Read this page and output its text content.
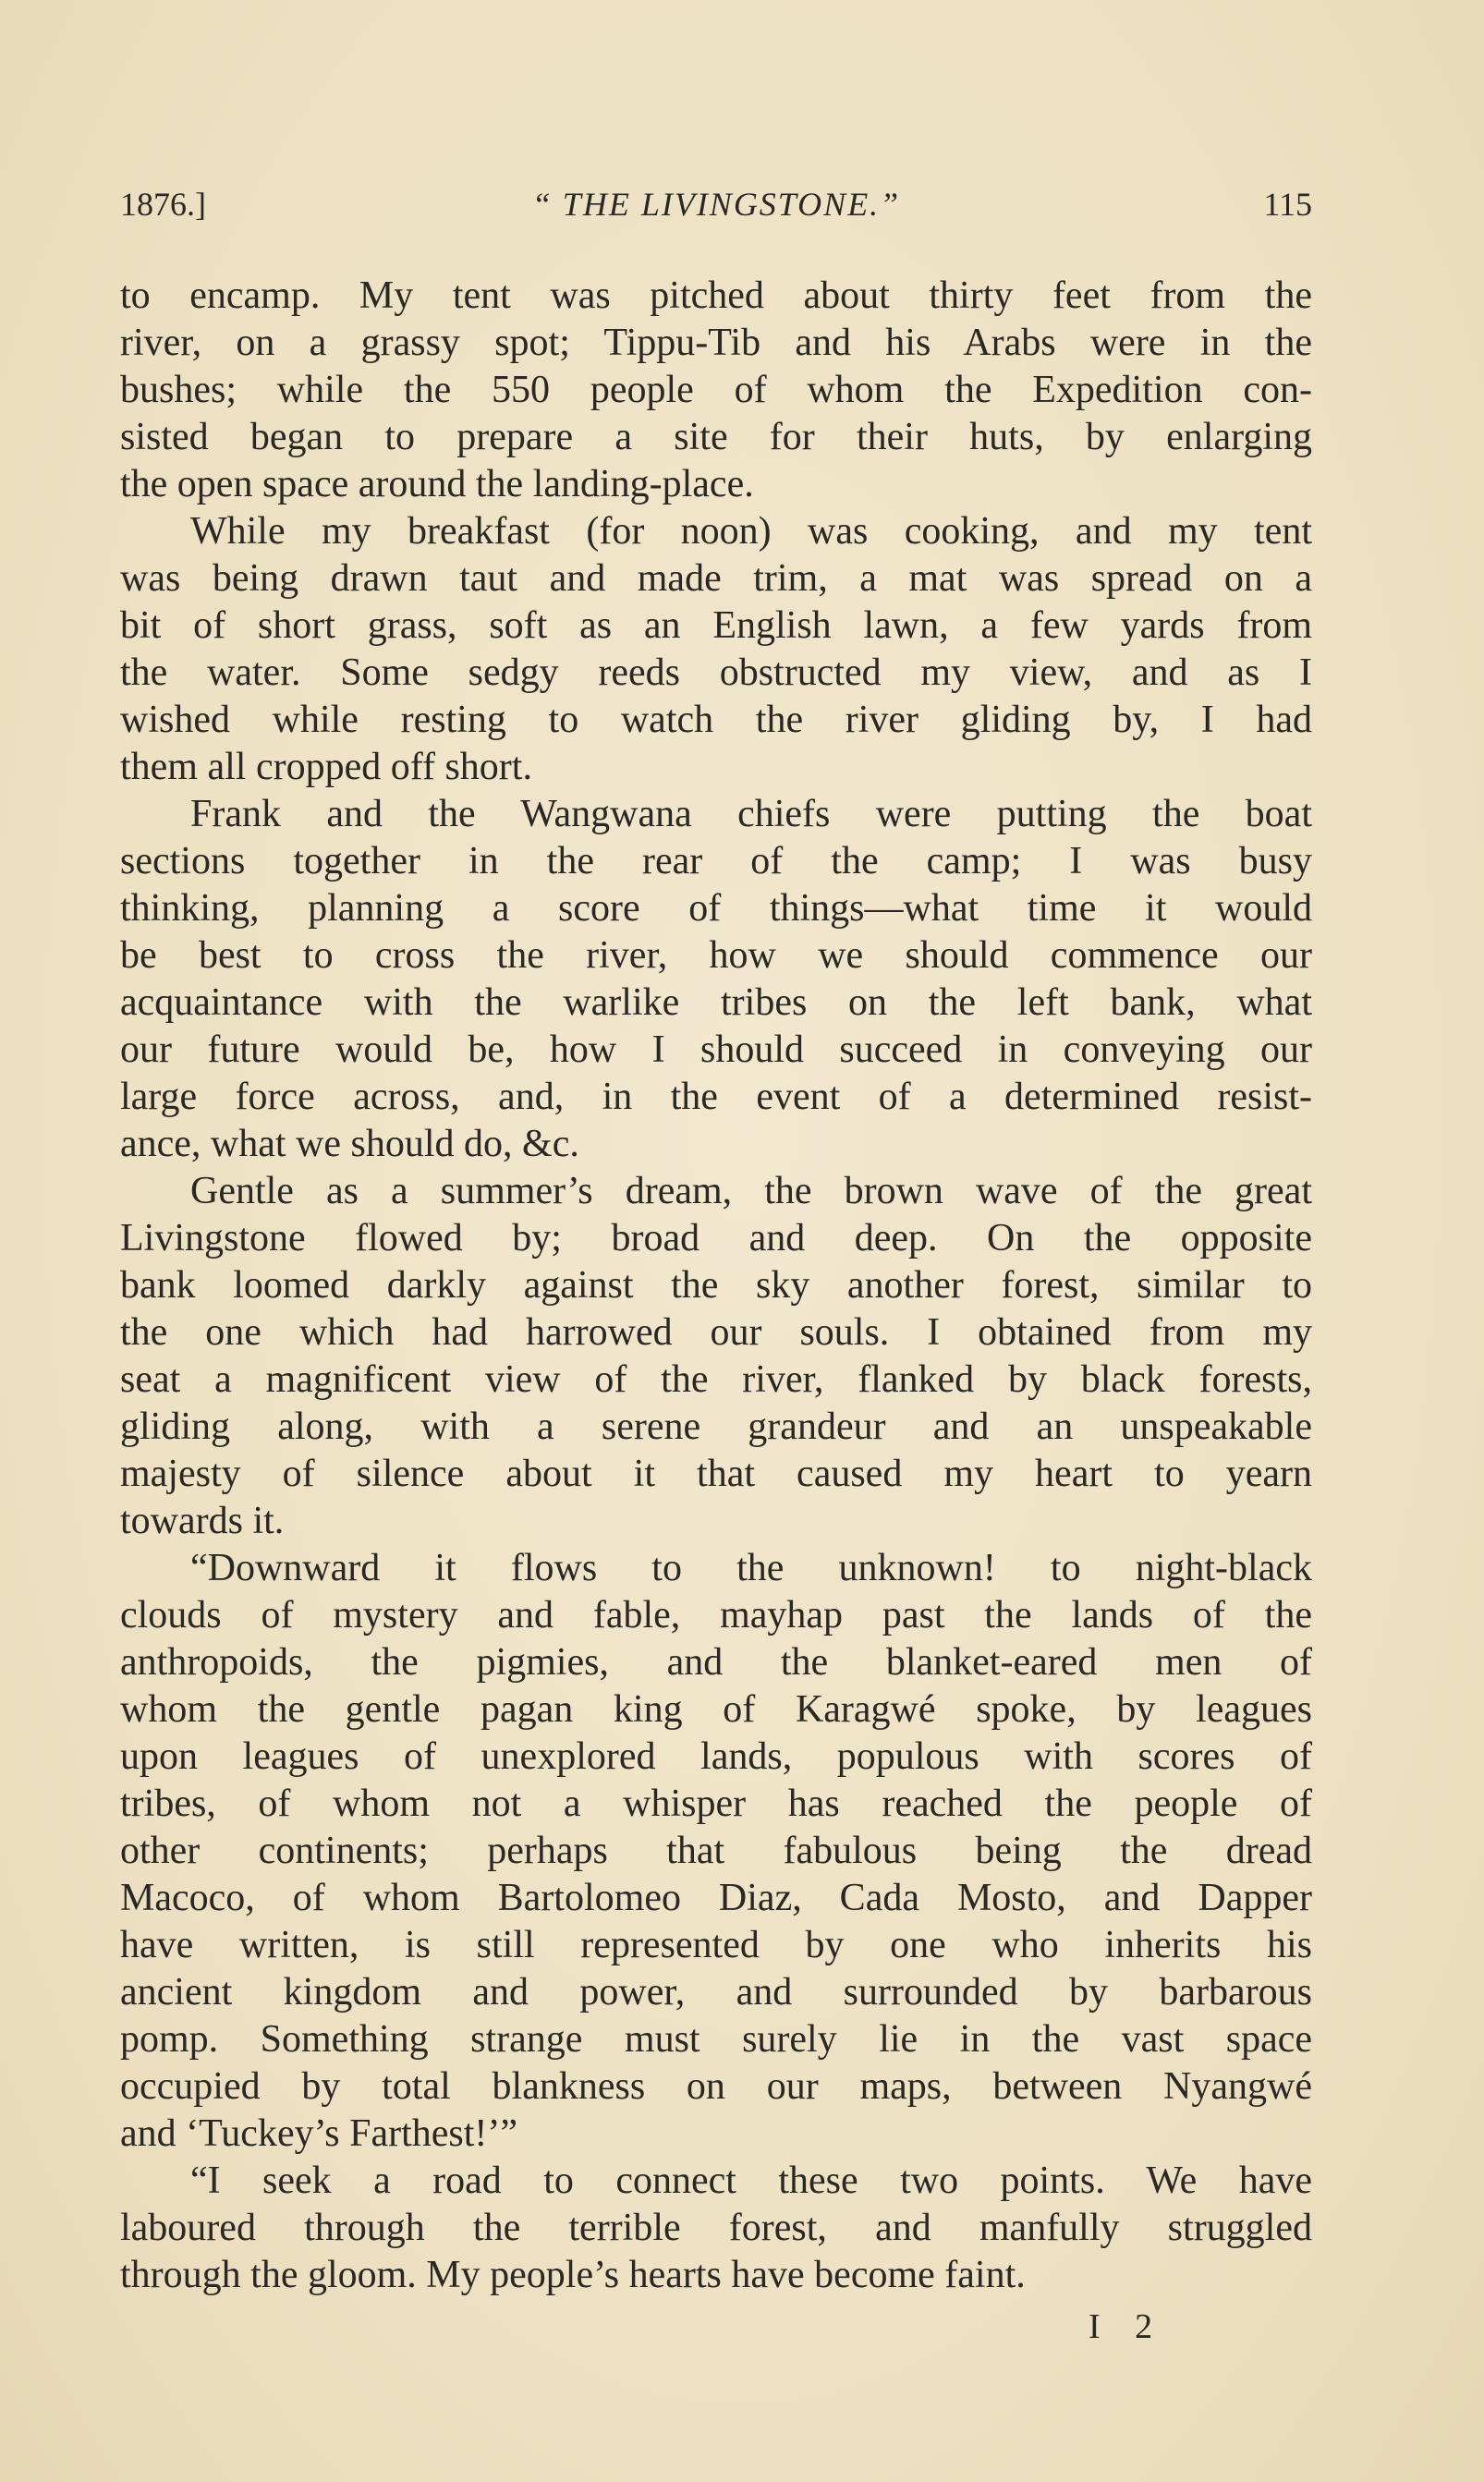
1876.]	“ THE LIVINGSTONE.”	115
to encamp. My tent was pitched about thirty feet from the
river, on a grassy spot; Tippu-Tib and his Arabs were in the
bushes; while the 550 people of whom the Expedition con-
sisted began to prepare a site for their huts, by enlarging
the open space around the landing-place.
While my breakfast (for noon) was cooking, and my tent
was being drawn taut and made trim, a mat was spread on a
bit of short grass, soft as an English lawn, a few yards from
the water. Some sedgy reeds obstructed my view, and as I
wished while resting to watch the river gliding by, I had
them all cropped off short.
Frank and the Wangwana chiefs were putting the boat
sections together in the rear of the camp; I was busy
thinking, planning a score of things—what time it would
be best to cross the river, how we should commence our
acquaintance with the warlike tribes on the left bank, what
our future would be, how I should succeed in conveying our
large force across, and, in the event of a determined resist-
ance, what we should do, &c.
Gentle as a summer’s dream, the brown wave of the great
Livingstone flowed by; broad and deep. On the opposite
bank loomed darkly against the sky another forest, similar to
the one which had harrowed our souls. I obtained from my
seat a magnificent view of the river, flanked by black forests,
gliding along, with a serene grandeur and an unspeakable
majesty of silence about it that caused my heart to yearn
towards it.
“Downward it flows to the unknown! to night-black
clouds of mystery and fable, mayhap past the lands of the
anthropoids, the pigmies, and the blanket-eared men of
whom the gentle pagan king of Karagwé spoke, by leagues
upon leagues of unexplored lands, populous with scores of
tribes, of whom not a whisper has reached the people of
other continents; perhaps that fabulous being the dread
Macoco, of whom Bartolomeo Diaz, Cada Mosto, and Dapper
have written, is still represented by one who inherits his
ancient kingdom and power, and surrounded by barbarous
pomp. Something strange must surely lie in the vast space
occupied by total blankness on our maps, between Nyangwé
and ‘Tuckey’s Farthest!’”
“I seek a road to connect these two points. We have
laboured through the terrible forest, and manfully struggled
through the gloom. My people’s hearts have become faint.
I 2
